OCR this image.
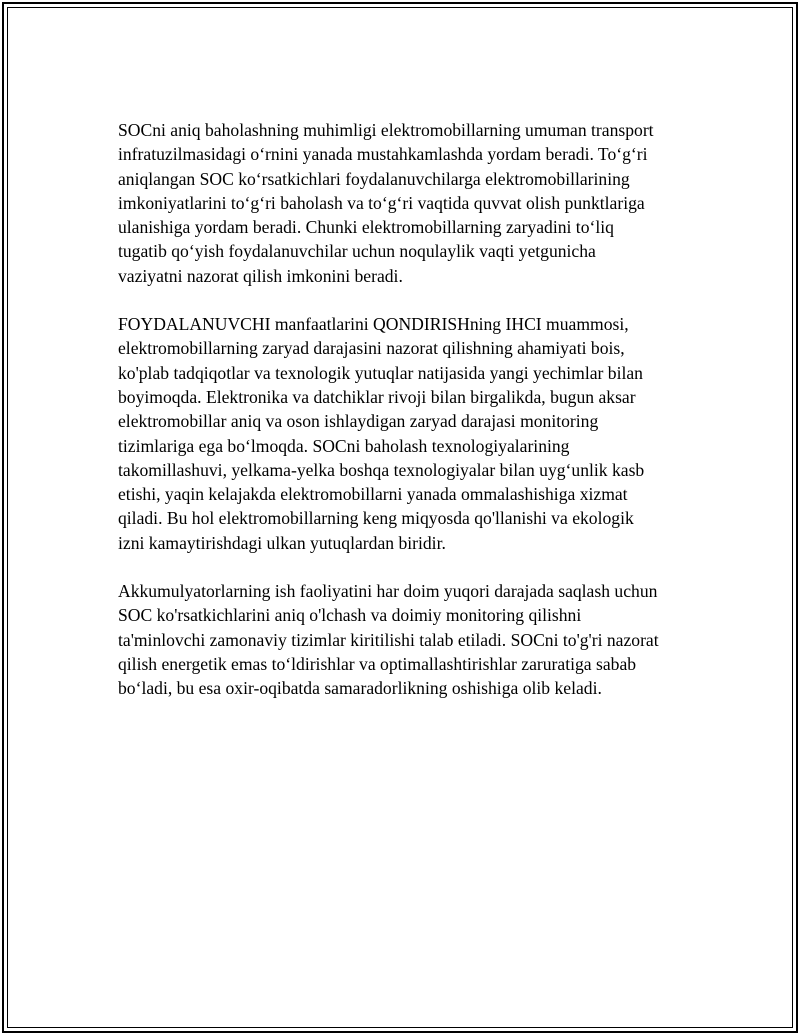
SOCni aniq baholashning muhimligi elektromobillarning umuman transport
infratuzilmasidagi oʻrnini yanada mustahkamlashda yordam beradi. Toʻgʻri
aniqlangan SOC koʻrsatkichlari foydalanuvchilarga elektromobillarining
imkoniyatlarini toʻgʻri baholash va toʻgʻri vaqtida quvvat olish punktlariga
ulanishiga yordam beradi. Chunki elektromobillarning zaryadini toʻliq
tugatib qoʻyish foydalanuvchilar uchun noqulaylik vaqti yetgunicha
vaziyatni nazorat qilish imkonini beradi.

FOYDALANUVCHI manfaatlarini QONDIRISHning IHCI muammosi,
elektromobillarning zaryad darajasini nazorat qilishning ahamiyati bois,
ko'plab tadqiqotlar va texnologik yutuqlar natijasida yangi yechimlar bilan
boyimoqda. Elektronika va datchiklar rivoji bilan birgalikda, bugun aksar
elektromobillar aniq va oson ishlaydigan zaryad darajasi monitoring
tizimlariga ega boʻlmoqda. SOCni baholash texnologiyalarining
takomillashuvi, yelkama-yelka boshqa texnologiyalar bilan uygʻunlik kasb
etishi, yaqin kelajakda elektromobillarni yanada ommalashishiga xizmat
qiladi. Bu hol elektromobillarning keng miqyosda qo'llanishi va ekologik
izni kamaytirishdagi ulkan yutuqlardan biridir.

Akkumulyatorlarning ish faoliyatini har doim yuqori darajada saqlash uchun
SOC ko'rsatkichlarini aniq o'lchash va doimiy monitoring qilishni
ta'minlovchi zamonaviy tizimlar kiritilishi talab etiladi. SOCni to'g'ri nazorat
qilish energetik emas toʻldirishlar va optimallashtirishlar zaruratiga sabab
boʻladi, bu esa oxir-oqibatda samaradorlikning oshishiga olib keladi.
